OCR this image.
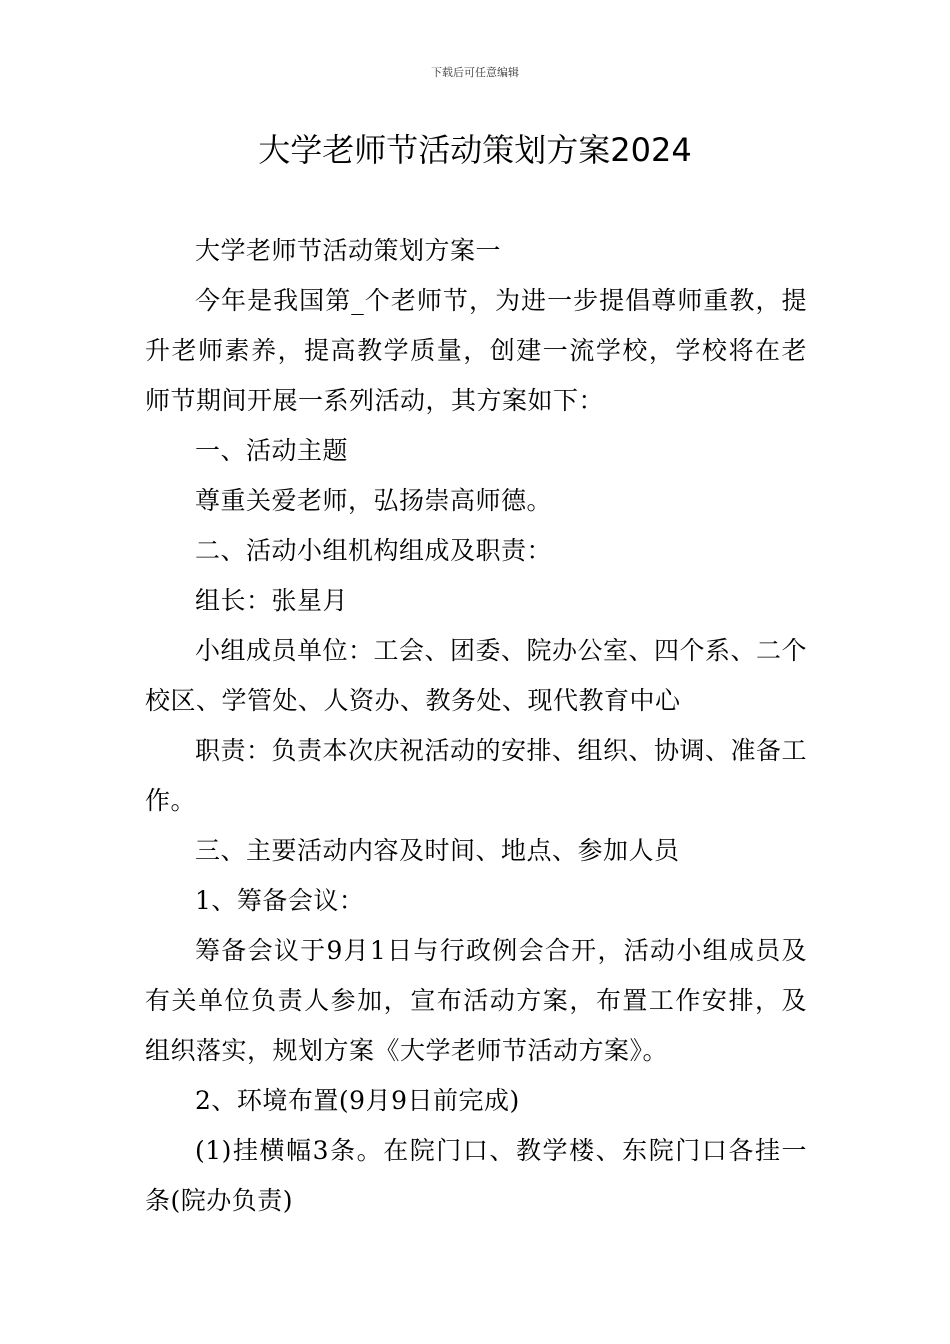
下载后可任意编辑
大学老师节活动策划方案2024

大学老师节活动策划方案一

今年是我国第_个老师节，为进一步提倡尊师重教，提升老师素养，提高教学质量，创建一流学校，学校将在老师节期间开展一系列活动，其方案如下：

一、活动主题

尊重关爱老师，弘扬崇高师德。

二、活动小组机构组成及职责：

组长：张星月

小组成员单位：工会、团委、院办公室、四个系、二个校区、学管处、人资办、教务处、现代教育中心

职责：负责本次庆祝活动的安排、组织、协调、准备工作。

三、主要活动内容及时间、地点、参加人员

1、筹备会议：

筹备会议于9月1日与行政例会合开，活动小组成员及有关单位负责人参加，宣布活动方案，布置工作安排，及组织落实，规划方案《大学老师节活动方案》。

2、环境布置(9月9日前完成)

(1)挂横幅3条。在院门口、教学楼、东院门口各挂一条(院办负责)
